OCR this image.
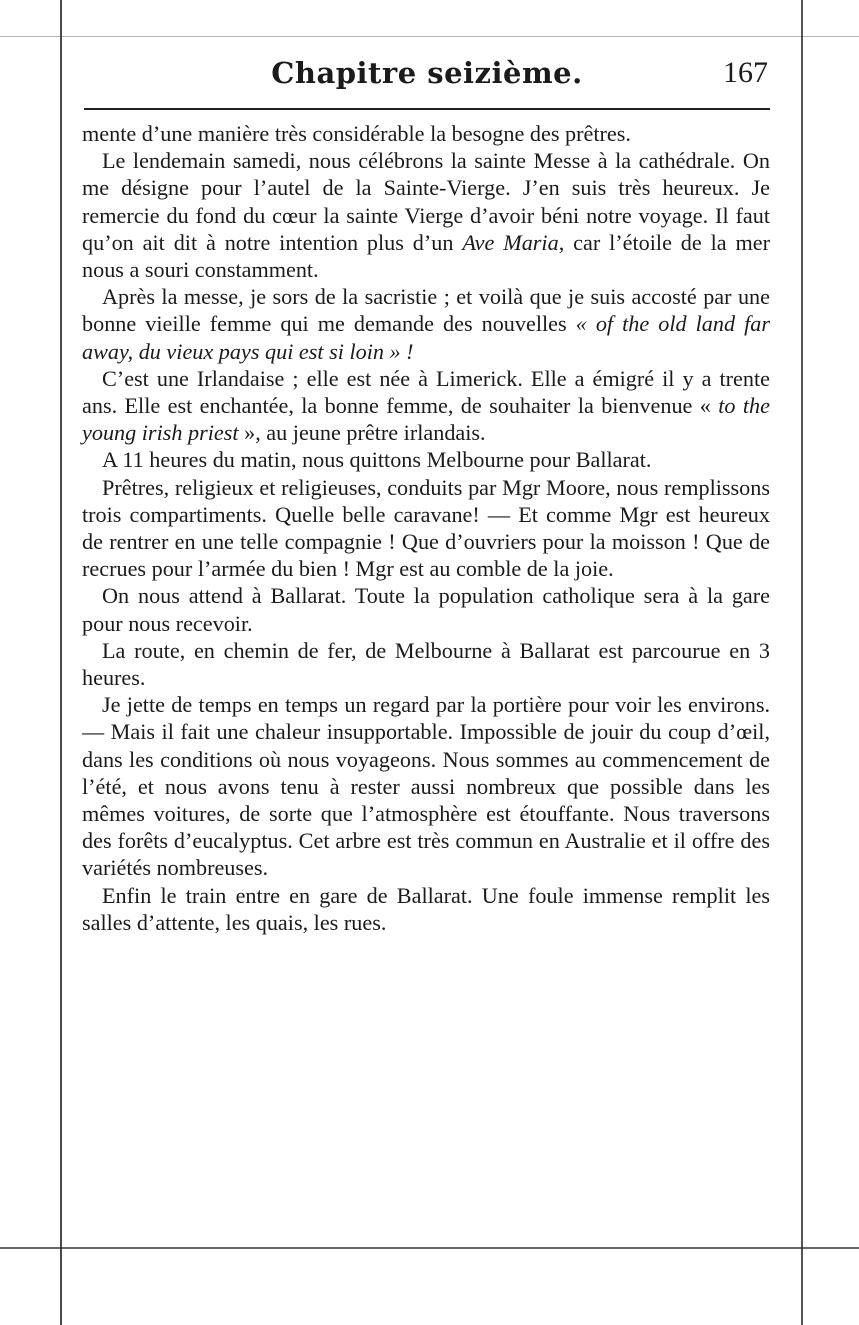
Chapitre seizième.	167

mente d’une manière très considérable la besogne des prêtres.

Le lendemain samedi, nous célébrons la sainte Messe à la cathédrale. On me désigne pour l’autel de la Sainte-Vierge. J’en suis très heureux. Je remercie du fond du cœur la sainte Vierge d’avoir béni notre voyage. Il faut qu’on ait dit à notre intention plus d’un Ave Maria, car l’étoile de la mer nous a souri constamment.

Après la messe, je sors de la sacristie ; et voilà que je suis accosté par une bonne vieille femme qui me demande des nouvelles « of the old land far away, du vieux pays qui est si loin » !

C’est une Irlandaise ; elle est née à Limerick. Elle a émigré il y a trente ans. Elle est enchantée, la bonne femme, de souhaiter la bienvenue « to the young irish priest », au jeune prêtre irlandais.

A 11 heures du matin, nous quittons Melbourne pour Ballarat.

Prêtres, religieux et religieuses, conduits par Mgr Moore, nous remplissons trois compartiments. Quelle belle caravane! — Et comme Mgr est heureux de rentrer en une telle compagnie ! Que d’ouvriers pour la moisson ! Que de recrues pour l’armée du bien ! Mgr est au comble de la joie.

On nous attend à Ballarat. Toute la population catholique sera à la gare pour nous recevoir.

La route, en chemin de fer, de Melbourne à Ballarat est parcourue en 3 heures.

Je jette de temps en temps un regard par la portière pour voir les environs. — Mais il fait une chaleur insupportable. Impossible de jouir du coup d’œil, dans les conditions où nous voyageons. Nous sommes au commencement de l’été, et nous avons tenu à rester aussi nombreux que possible dans les mêmes voitures, de sorte que l’atmosphère est étouffante. Nous traversons des forêts d’eucalyptus. Cet arbre est très commun en Australie et il offre des variétés nombreuses.

Enfin le train entre en gare de Ballarat. Une foule immense remplit les salles d’attente, les quais, les rues.
